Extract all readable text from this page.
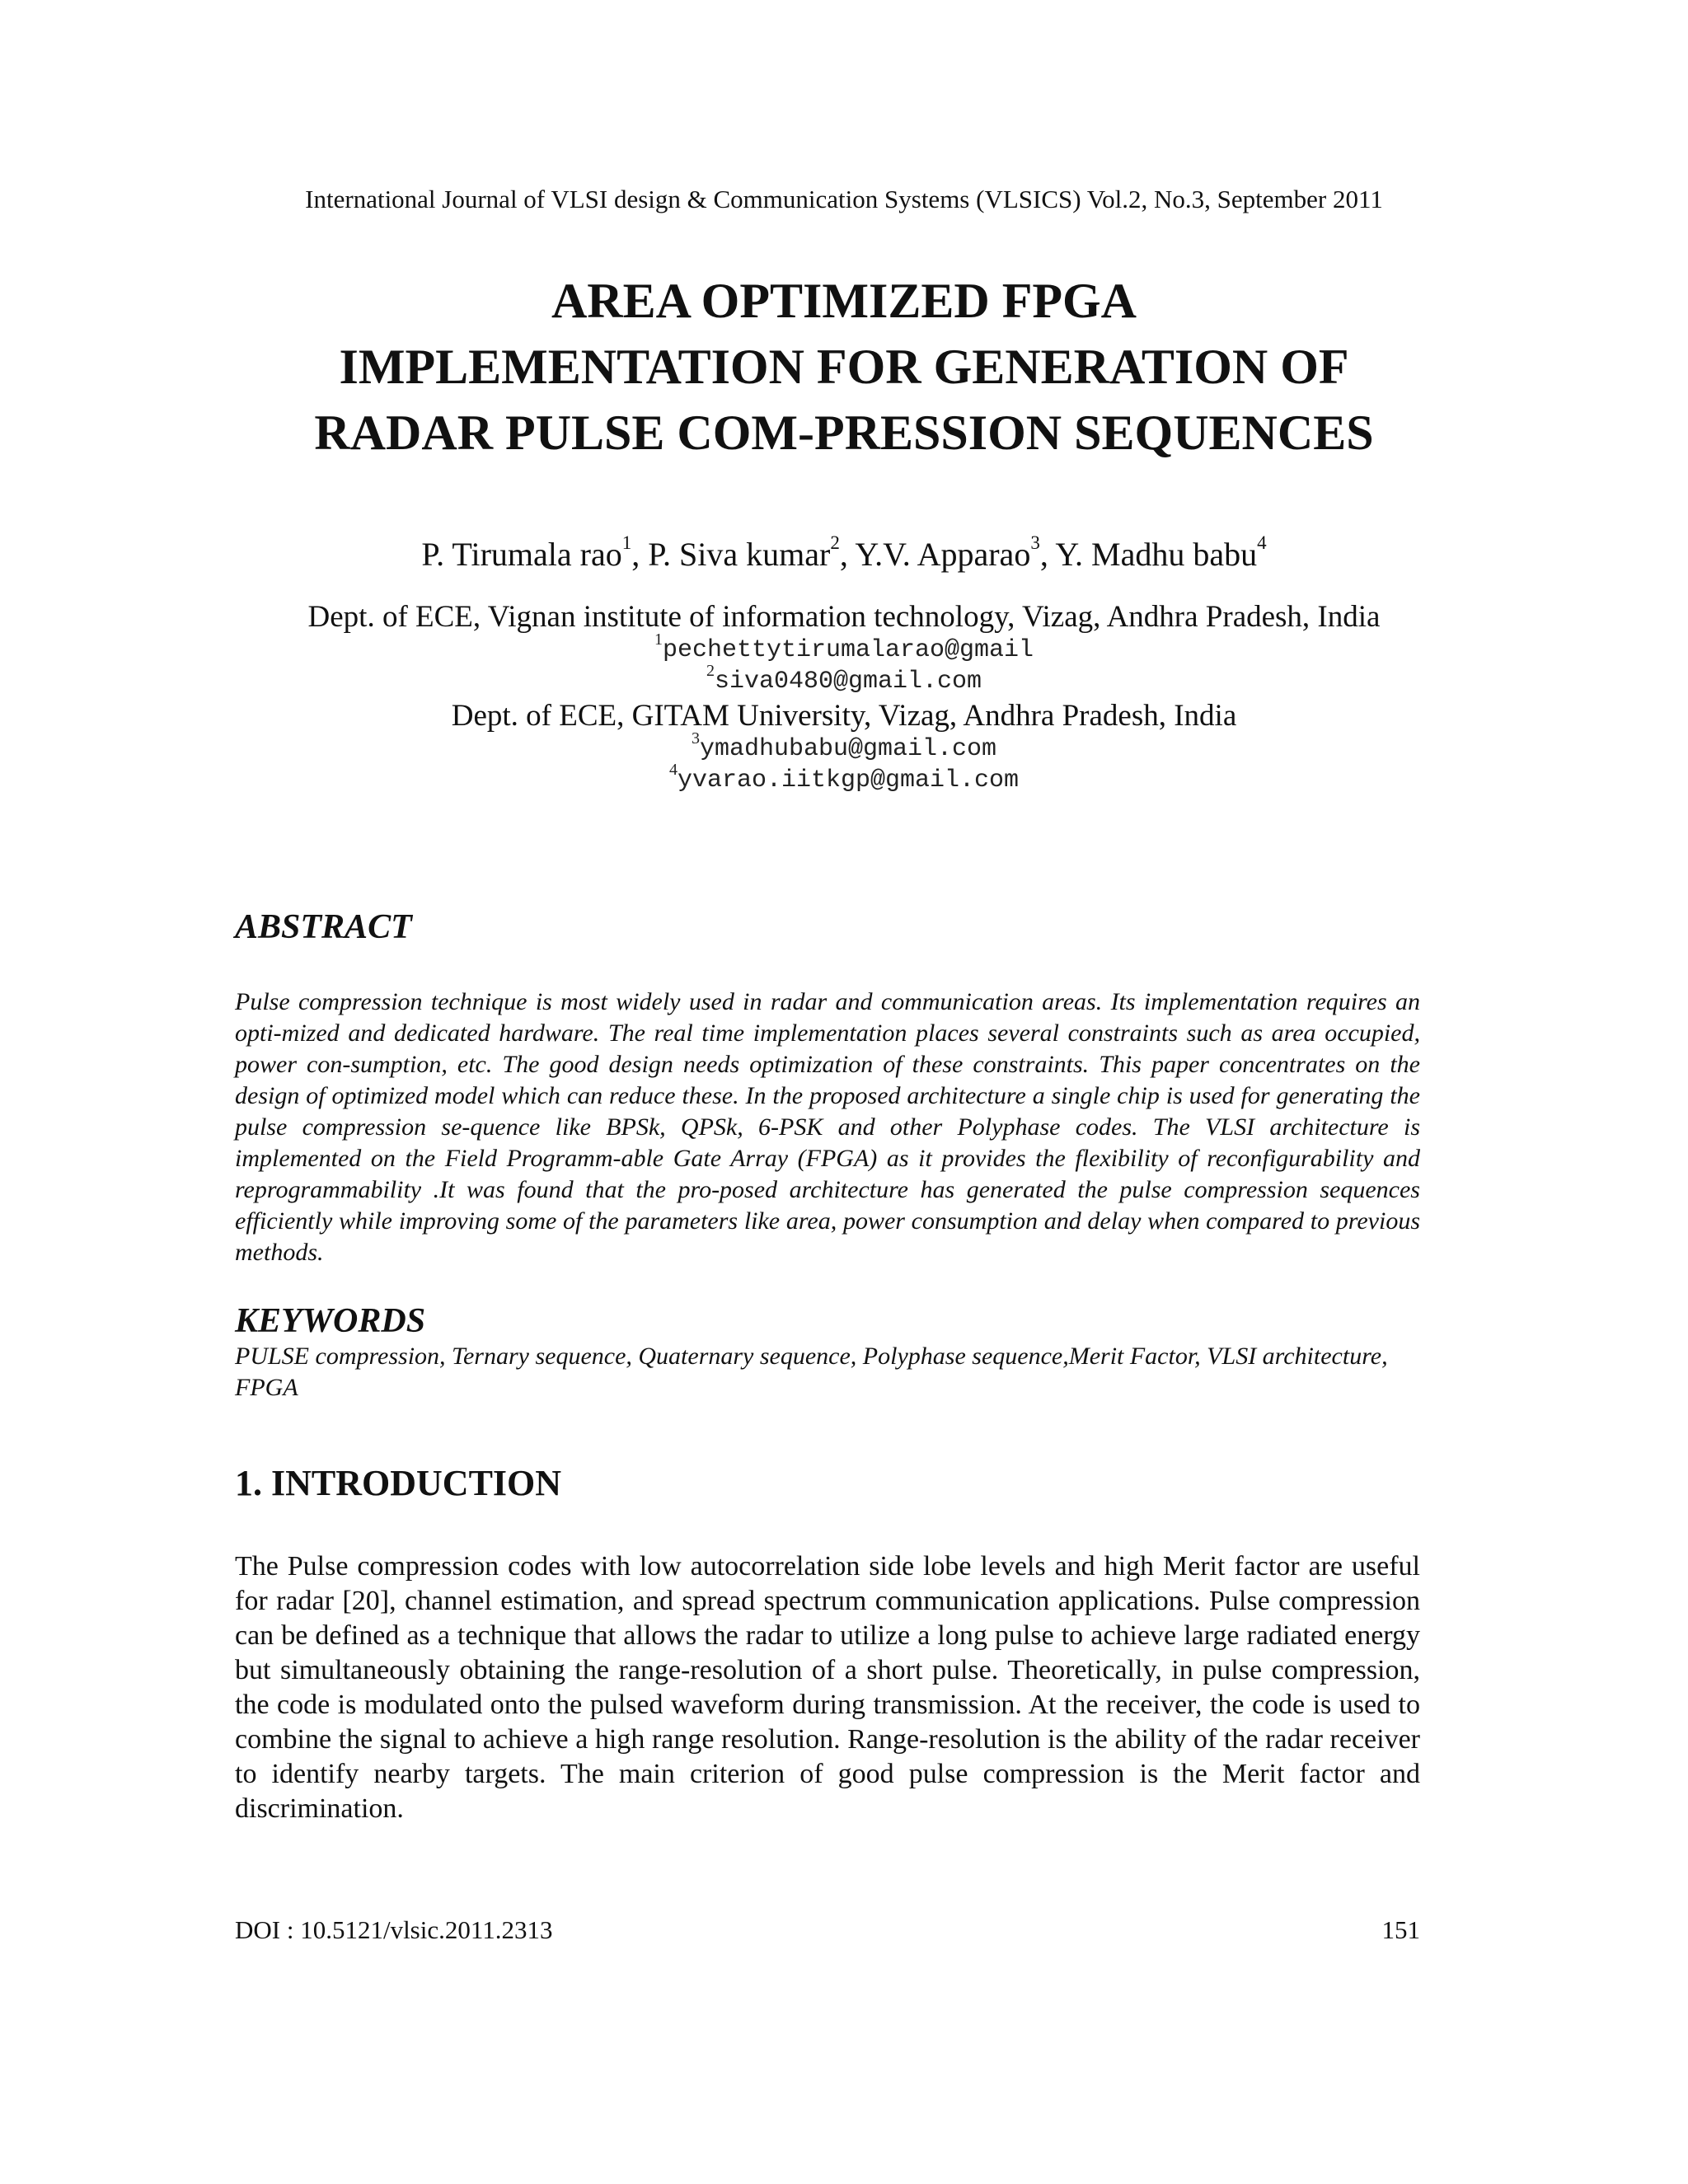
International Journal of VLSI design & Communication Systems (VLSICS) Vol.2, No.3, September 2011
AREA OPTIMIZED FPGA
IMPLEMENTATION FOR GENERATION OF
RADAR PULSE COM-PRESSION SEQUENCES
P. Tirumala rao$^1$, P. Siva kumar$^2$, Y.V. Apparao$^3$, Y. Madhu babu$^4$
Dept. of ECE, Vignan institute of information technology, Vizag, Andhra Pradesh, India
$^1$pechettytirumalarao@gmail
$^2$siva0480@gmail.com
Dept. of ECE, GITAM University, Vizag, Andhra Pradesh, India
$^3$ymadhubabu@gmail.com
$^4$yvarao.iitkgp@gmail.com
ABSTRACT

Pulse compression technique is most widely used in radar and communication areas. Its implementation requires an opti-mized and dedicated hardware. The real time implementation places several constraints such as area occupied, power con-sumption, etc. The good design needs optimization of these constraints. This paper concentrates on the design of optimized model which can reduce these. In the proposed architecture a single chip is used for generating the pulse compression se-quence like BPSk, QPSk, 6-PSK and other Polyphase codes. The VLSI architecture is implemented on the Field Programm-able Gate Array (FPGA) as it provides the flexibility of reconfigurability and reprogrammability .It was found that the pro-posed architecture has generated the pulse compression sequences efficiently while improving some of the parameters like area, power consumption and delay when compared to previous methods.

KEYWORDS

PULSE compression, Ternary sequence, Quaternary sequence, Polyphase sequence,Merit Factor, VLSI architecture, FPGA

1. INTRODUCTION

The Pulse compression codes with low autocorrelation side lobe levels and high Merit factor are useful for radar [20], channel estimation, and spread spectrum communication applications. Pulse compression can be defined as a technique that allows the radar to utilize a long pulse to achieve large radiated energy but simultaneously obtaining the range-resolution of a short pulse. Theoretically, in pulse compression, the code is modulated onto the pulsed waveform during transmission. At the receiver, the code is used to combine the signal to achieve a high range resolution. Range-resolution is the ability of the radar receiver to identify nearby targets. The main criterion of good pulse compression is the Merit factor and discrimination.

DOI : 10.5121/vlsic.2011.2313	151
